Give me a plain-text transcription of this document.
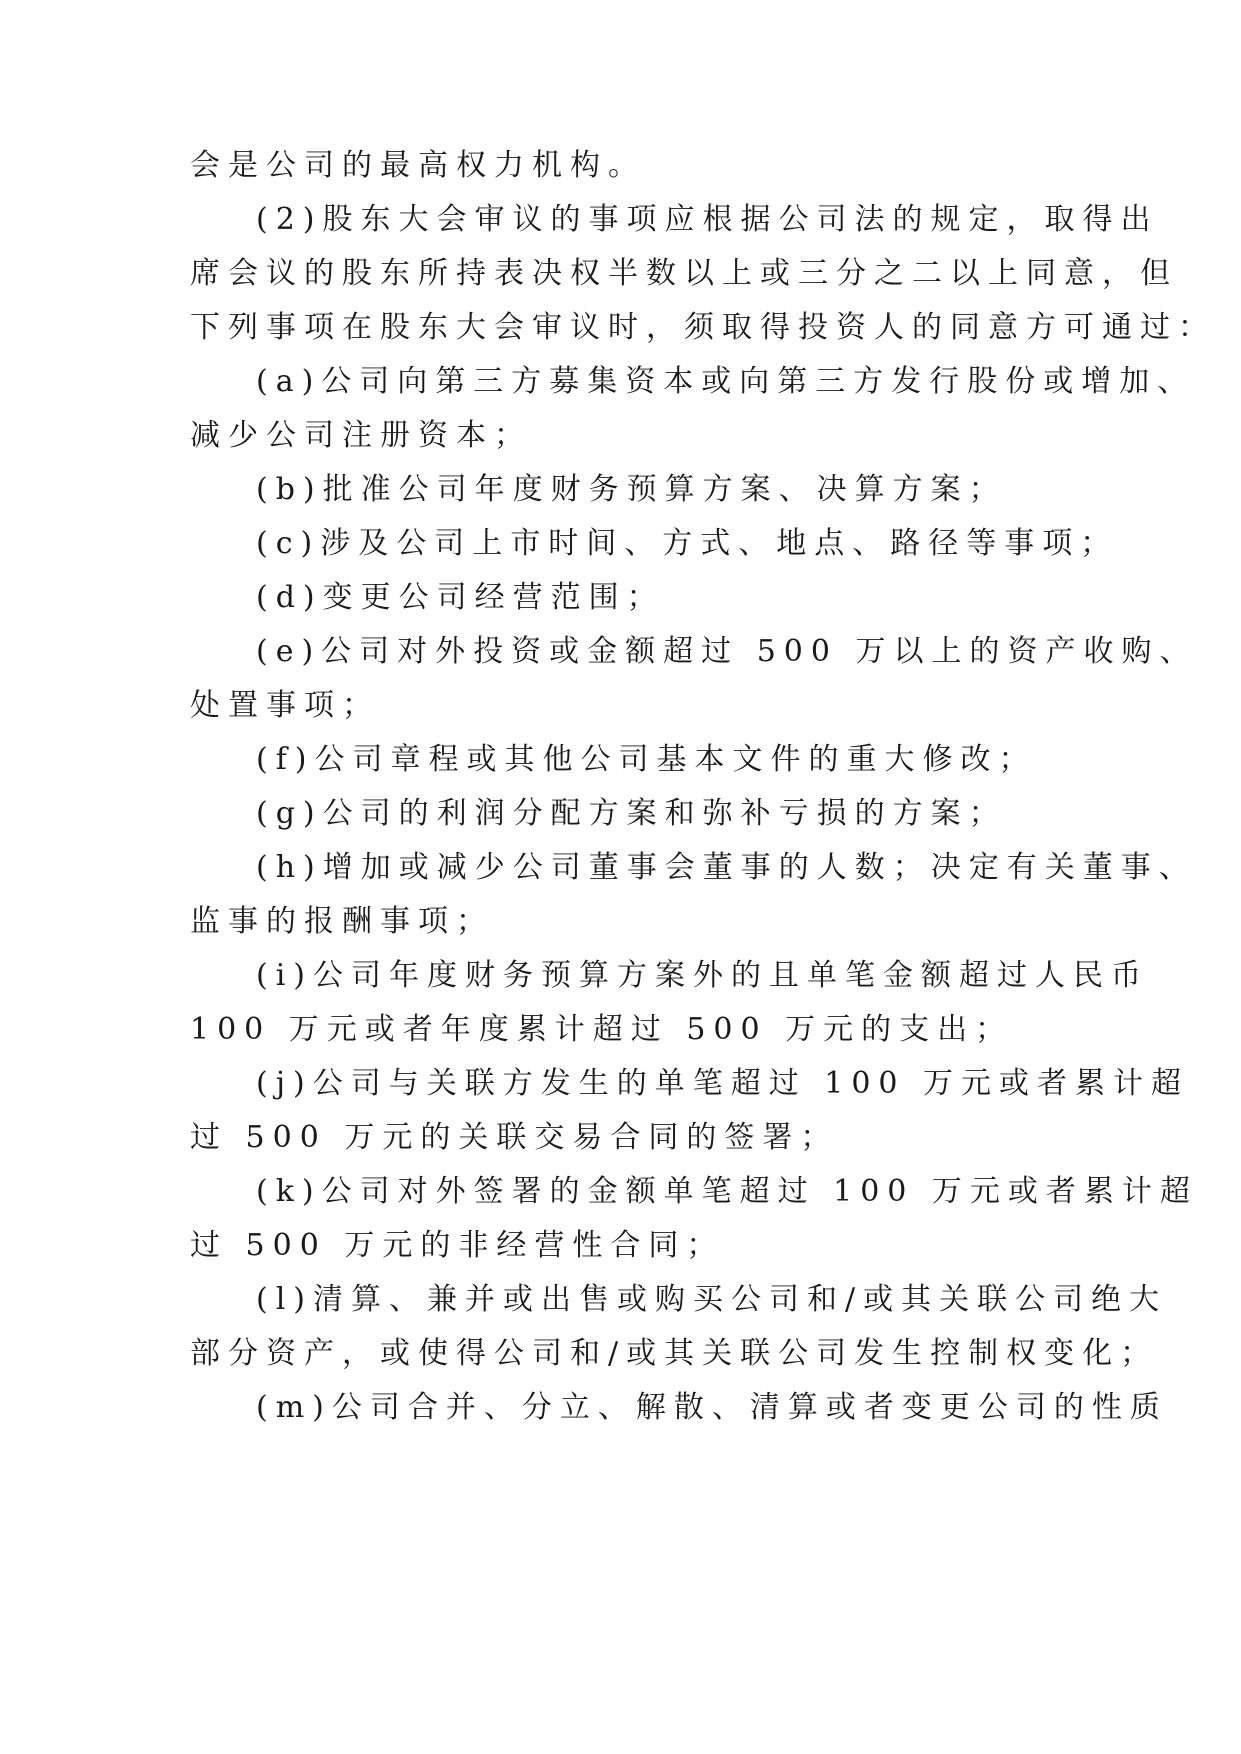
会是公司的最高权力机构。
(2)股东大会审议的事项应根据公司法的规定，取得出
席会议的股东所持表决权半数以上或三分之二以上同意，但
下列事项在股东大会审议时，须取得投资人的同意方可通过：
(a)公司向第三方募集资本或向第三方发行股份或增加、
减少公司注册资本；
(b)批准公司年度财务预算方案、决算方案；
(c)涉及公司上市时间、方式、地点、路径等事项；
(d)变更公司经营范围；
(e)公司对外投资或金额超过 500 万以上的资产收购、
处置事项；
(f)公司章程或其他公司基本文件的重大修改；
(g)公司的利润分配方案和弥补亏损的方案；
(h)增加或减少公司董事会董事的人数；决定有关董事、
监事的报酬事项；
(i)公司年度财务预算方案外的且单笔金额超过人民币
100 万元或者年度累计超过 500 万元的支出；
(j)公司与关联方发生的单笔超过 100 万元或者累计超
过 500 万元的关联交易合同的签署；
(k)公司对外签署的金额单笔超过 100 万元或者累计超
过 500 万元的非经营性合同；
(l)清算、兼并或出售或购买公司和/或其关联公司绝大
部分资产，或使得公司和/或其关联公司发生控制权变化；
(m)公司合并、分立、解散、清算或者变更公司的性质
